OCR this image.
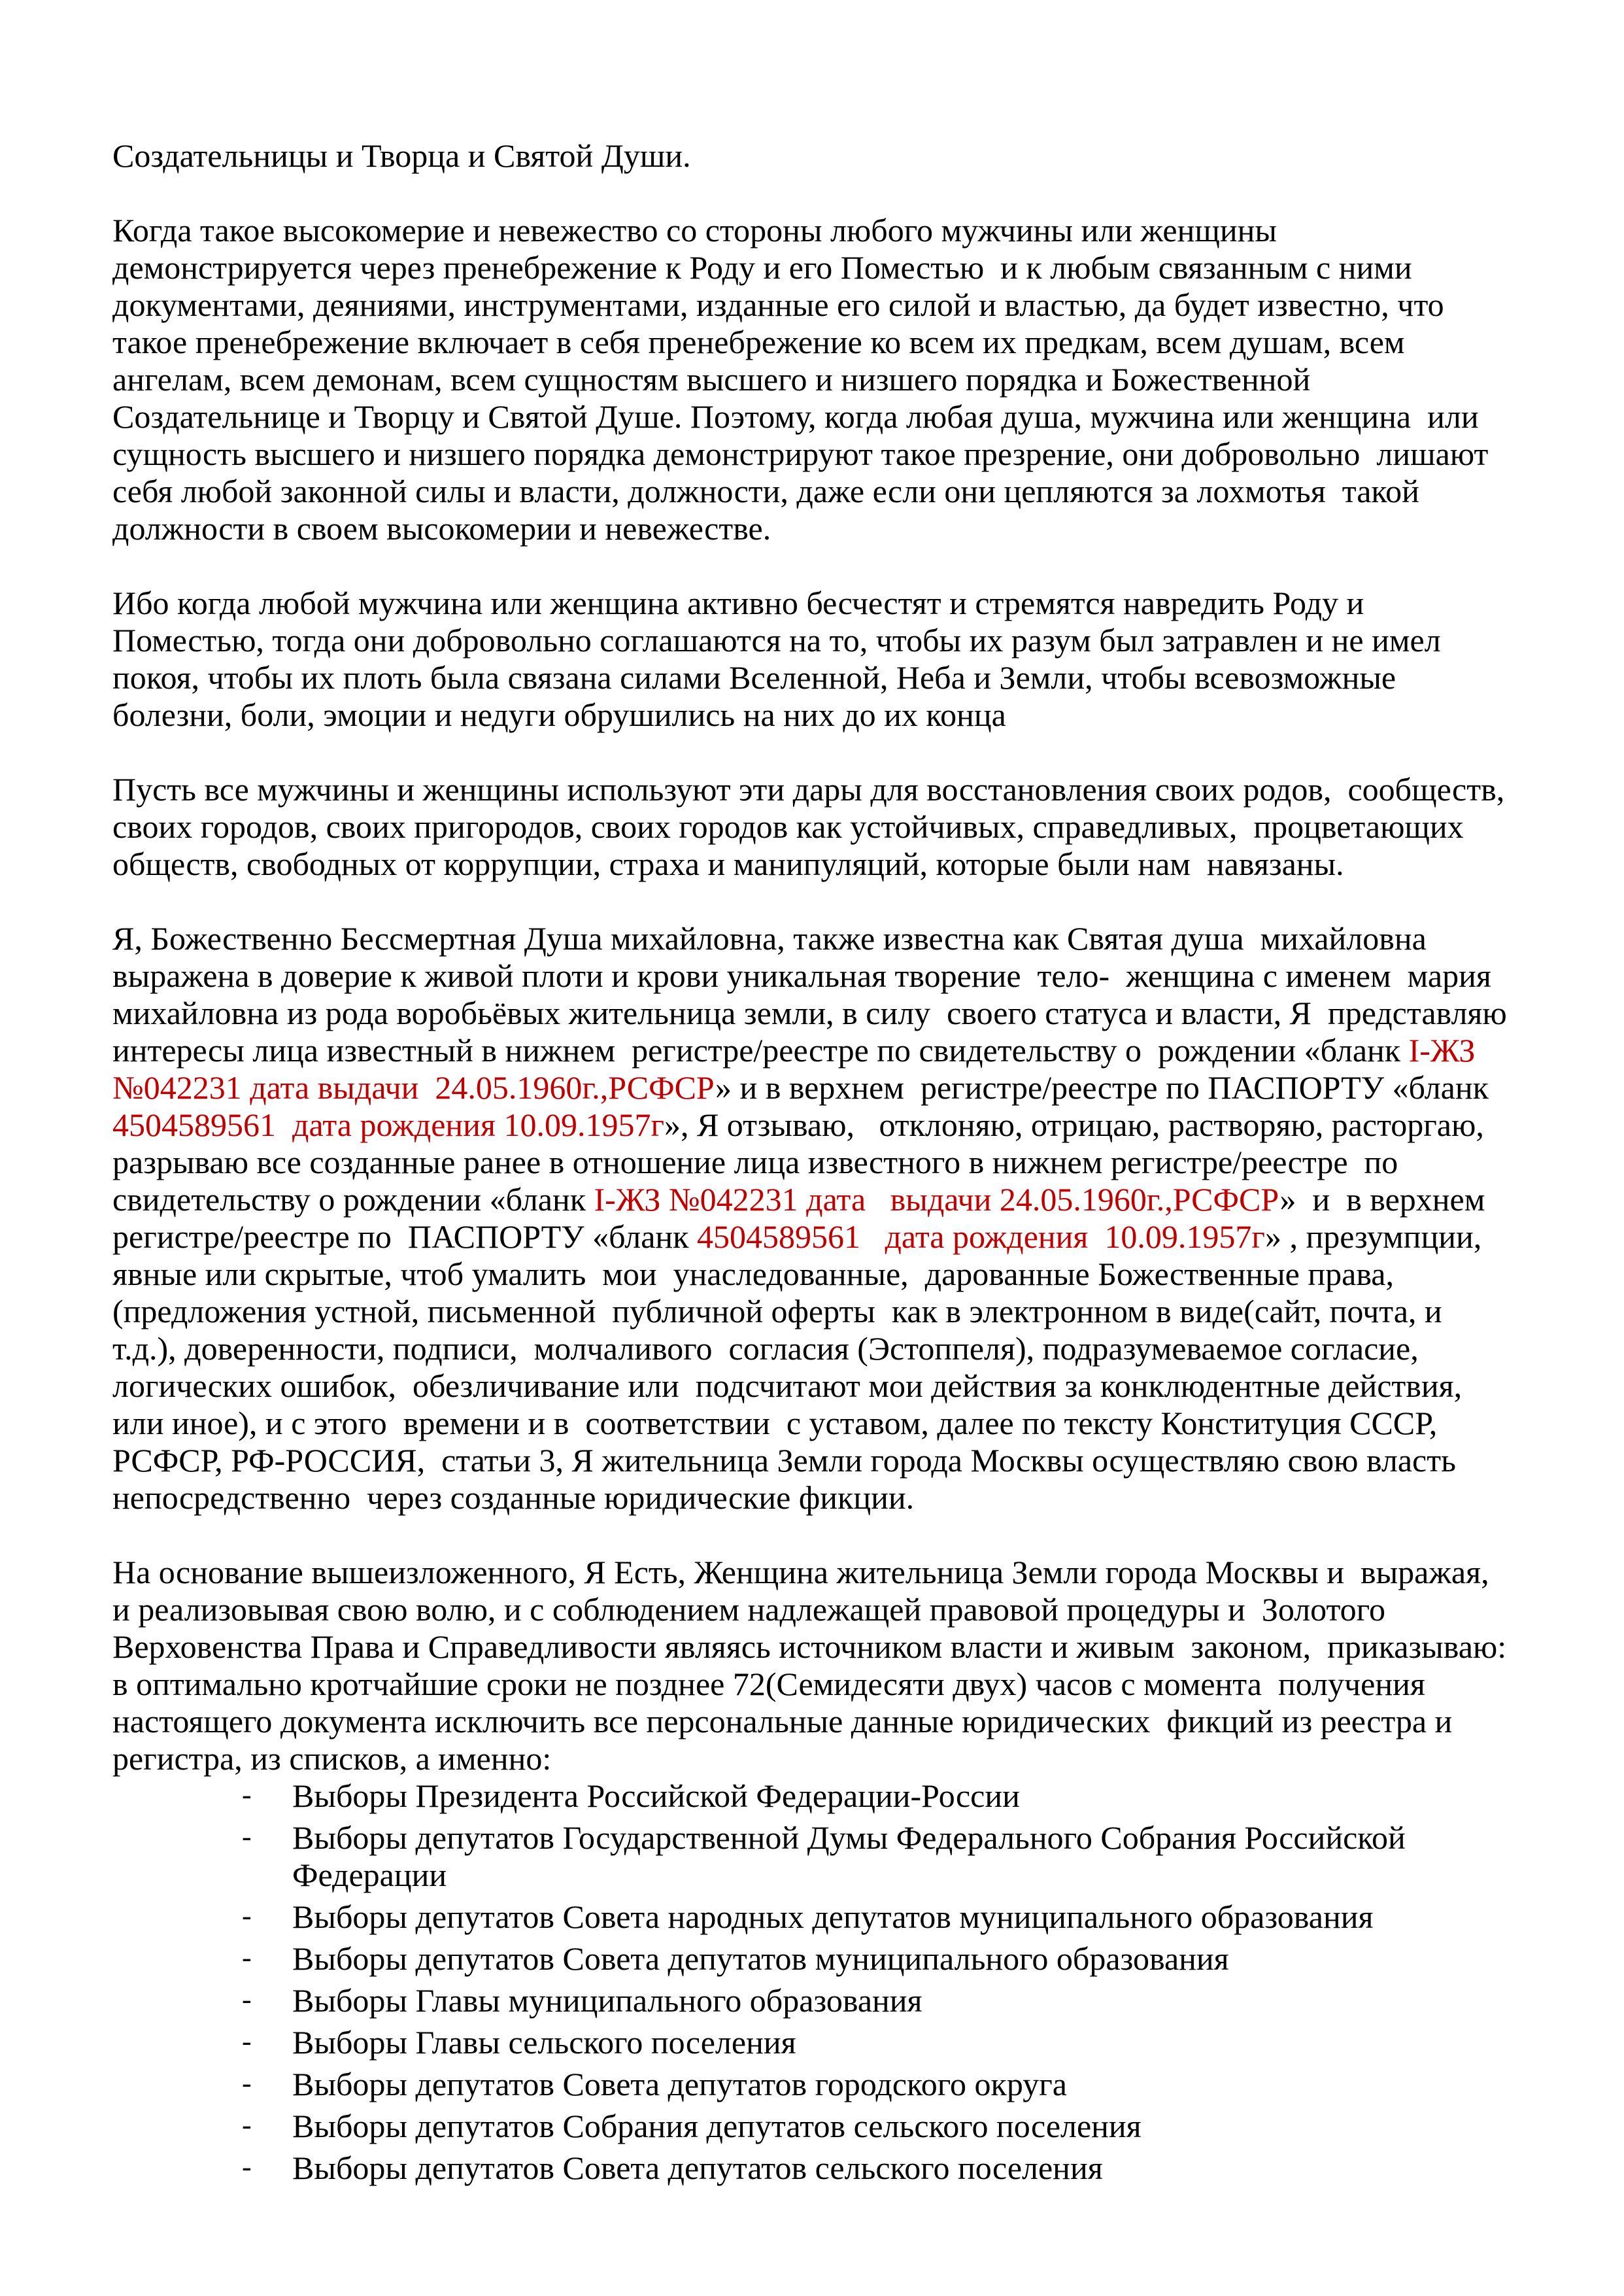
Создательницы и Творца и Святой Души.

Когда такое высокомерие и невежество со стороны любого мужчины или женщины демонстрируется через пренебрежение к Роду и его Поместью  и к любым связанным с ними документами, деяниями, инструментами, изданные его силой и властью, да будет известно, что такое пренебрежение включает в себя пренебрежение ко всем их предкам, всем душам, всем ангелам, всем демонам, всем сущностям высшего и низшего порядка и Божественной Создательнице и Творцу и Святой Душе. Поэтому, когда любая душа, мужчина или женщина  или сущность высшего и низшего порядка демонстрируют такое презрение, они добровольно  лишают себя любой законной силы и власти, должности, даже если они цепляются за лохмотья  такой должности в своем высокомерии и невежестве.

Ибо когда любой мужчина или женщина активно бесчестят и стремятся навредить Роду и Поместью, тогда они добровольно соглашаются на то, чтобы их разум был затравлен и не имел покоя, чтобы их плоть была связана силами Вселенной, Неба и Земли, чтобы всевозможные болезни, боли, эмоции и недуги обрушились на них до их конца

Пусть все мужчины и женщины используют эти дары для восстановления своих родов,  сообществ, своих городов, своих пригородов, своих городов как устойчивых, справедливых,  процветающих обществ, свободных от коррупции, страха и манипуляций, которые были нам  навязаны.

Я, Божественно Бессмертная Душа михайловна, также известна как Святая душа  михайловна выражена в доверие к живой плоти и крови уникальная творение  тело-  женщина с именем  мария михайловна из рода воробьёвых жительница земли, в силу  своего статуса и власти, Я  представляю интересы лица известный в нижнем  регистре/реестре по свидетельству о  рождении «бланк I-ЖЗ №042231 дата выдачи  24.05.1960г.,РСФСР» и в верхнем  регистре/реестре по ПАСПОРТУ «бланк 4504589561  дата рождения 10.09.1957г», Я отзываю,   отклоняю, отрицаю, растворяю, расторгаю, разрываю все созданные ранее в отношение лица известного в нижнем регистре/реестре  по свидетельству о рождении «бланк I-ЖЗ №042231 дата   выдачи 24.05.1960г.,РСФСР»  и  в верхнем регистре/реестре по  ПАСПОРТУ «бланк 4504589561   дата рождения  10.09.1957г» , презумпции, явные или скрытые, чтоб умалить  мои  унаследованные,  дарованные Божественные права, (предложения устной, письменной  публичной оферты  как в электронном в виде(сайт, почта, и т.д.), доверенности, подписи,  молчаливого  согласия (Эстоппеля), подразумеваемое согласие, логических ошибок,  обезличивание или  подсчитают мои действия за конклюдентные действия, или иное), и с этого  времени и в  соответствии  с уставом, далее по тексту Конституция СССР, РСФСР, РФ-РОССИЯ,  статьи 3, Я жительница Земли города Москвы осуществляю свою власть непосредственно  через созданные юридические фикции.

На основание вышеизложенного, Я Есть, Женщина жительница Земли города Москвы и  выражая, и реализовывая свою волю, и с соблюдением надлежащей правовой процедуры и  Золотого Верховенства Права и Справедливости являясь источником власти и живым  законом,  приказываю: в оптимально кротчайшие сроки не позднее 72(Семидесяти двух) часов с момента  получения настоящего документа исключить все персональные данные юридических  фикций из реестра и регистра, из списков, а именно:

- Выборы Президента Российской Федерации-России
- Выборы депутатов Государственной Думы Федерального Собрания Российской Федерации
- Выборы депутатов Совета народных депутатов муниципального образования
- Выборы депутатов Совета депутатов муниципального образования
- Выборы Главы муниципального образования
- Выборы Главы сельского поселения
- Выборы депутатов Совета депутатов городского округа
- Выборы депутатов Собрания депутатов сельского поселения
- Выборы депутатов Совета депутатов сельского поселения
